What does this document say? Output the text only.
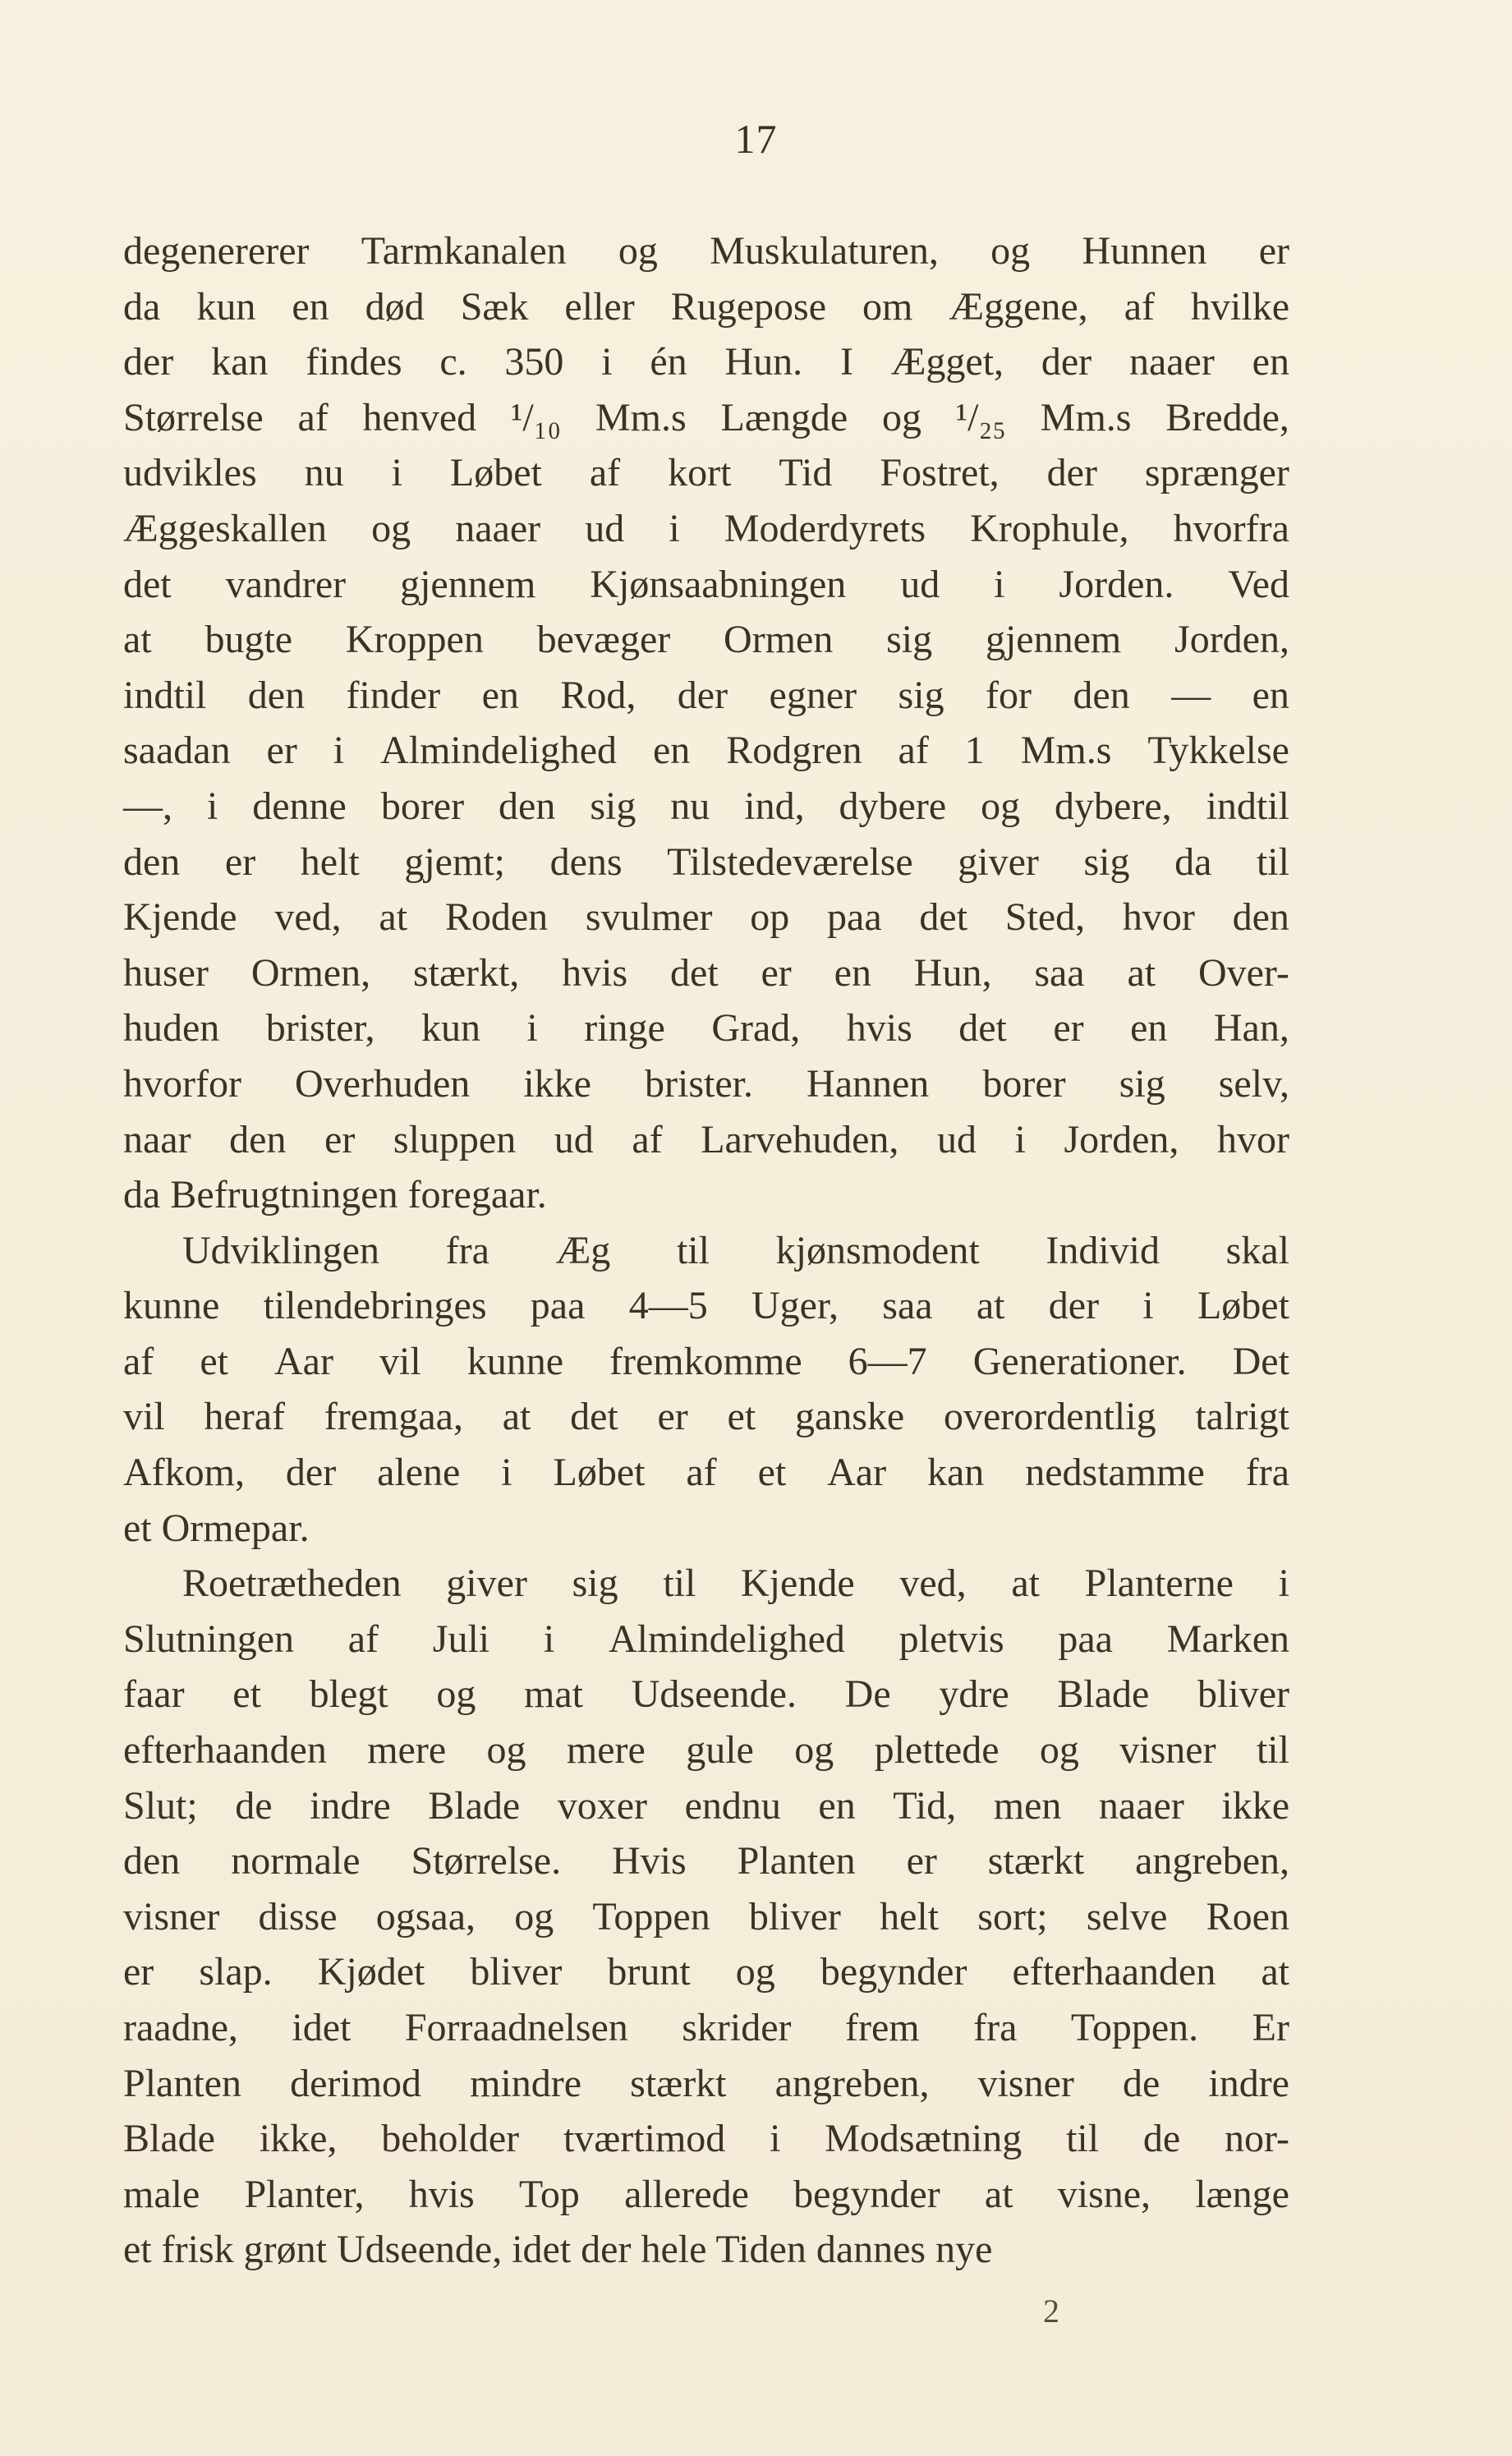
17
degenererer Tarmkanalen og Muskulaturen, og Hunnen er
da kun en død Sæk eller Rugepose om Æggene, af hvilke
der kan findes c. 350 i én Hun. I Ægget, der naaer en
Størrelse af henved ¹/₁₀ Mm.s Længde og ¹/₂₅ Mm.s Bredde,
udvikles nu i Løbet af kort Tid Fostret, der sprænger
Æggeskallen og naaer ud i Moderdyrets Krophule, hvorfra
det vandrer gjennem Kjønsaabningen ud i Jorden. Ved
at bugte Kroppen bevæger Ormen sig gjennem Jorden,
indtil den finder en Rod, der egner sig for den — en
saadan er i Almindelighed en Rodgren af 1 Mm.s Tykkelse
—, i denne borer den sig nu ind, dybere og dybere, indtil
den er helt gjemt; dens Tilstedeværelse giver sig da til
Kjende ved, at Roden svulmer op paa det Sted, hvor den
huser Ormen, stærkt, hvis det er en Hun, saa at Over-
huden brister, kun i ringe Grad, hvis det er en Han,
hvorfor Overhuden ikke brister. Hannen borer sig selv,
naar den er sluppen ud af Larvehuden, ud i Jorden, hvor
da Befrugtningen foregaar.
Udviklingen fra Æg til kjønsmodent Individ skal
kunne tilendebringes paa 4—5 Uger, saa at der i Løbet
af et Aar vil kunne fremkomme 6—7 Generationer. Det
vil heraf fremgaa, at det er et ganske overordentlig talrigt
Afkom, der alene i Løbet af et Aar kan nedstamme fra
et Ormepar.
Roetrætheden giver sig til Kjende ved, at Planterne i
Slutningen af Juli i Almindelighed pletvis paa Marken
faar et blegt og mat Udseende. De ydre Blade bliver
efterhaanden mere og mere gule og plettede og visner til
Slut; de indre Blade voxer endnu en Tid, men naaer ikke
den normale Størrelse. Hvis Planten er stærkt angreben,
visner disse ogsaa, og Toppen bliver helt sort; selve Roen
er slap. Kjødet bliver brunt og begynder efterhaanden at
raadne, idet Forraadnelsen skrider frem fra Toppen. Er
Planten derimod mindre stærkt angreben, visner de indre
Blade ikke, beholder tværtimod i Modsætning til de nor-
male Planter, hvis Top allerede begynder at visne, længe
et frisk grønt Udseende, idet der hele Tiden dannes nye
2
